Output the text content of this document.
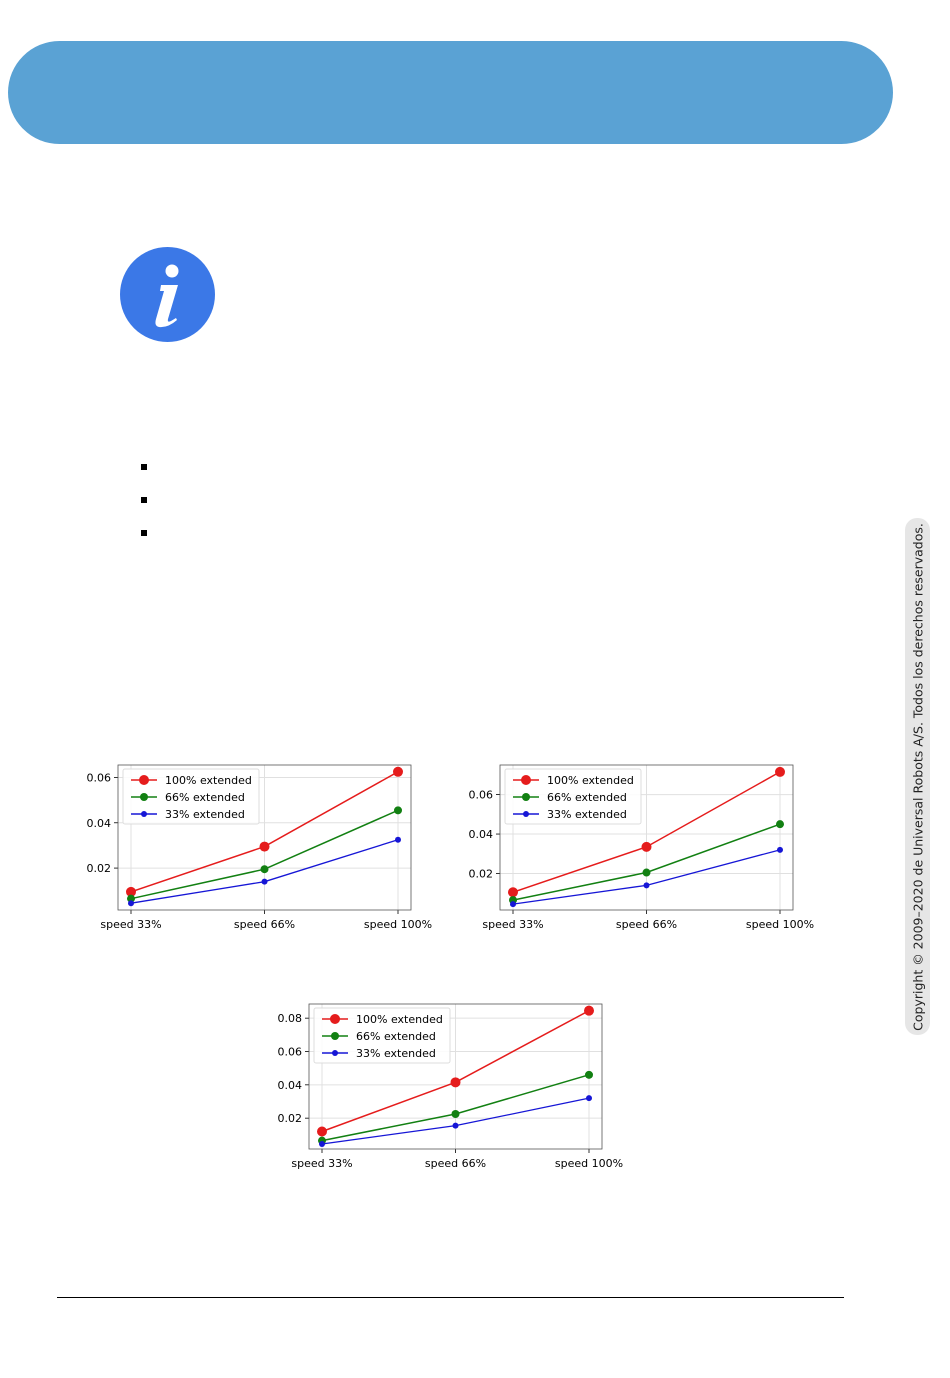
Copyright © 2009–2020 de Universal Robots A/S. Todos los derechos reservados.
0.02
0.04
0.06
speed 33%	speed 66%	speed 100%
100% extended
66% extended
33% extended
0.02
0.04
0.06
speed 33%	speed 66%	speed 100%
100% extended
66% extended
33% extended
0.02
0.04
0.06
0.08
speed 33%	speed 66%	speed 100%
100% extended
66% extended
33% extended
